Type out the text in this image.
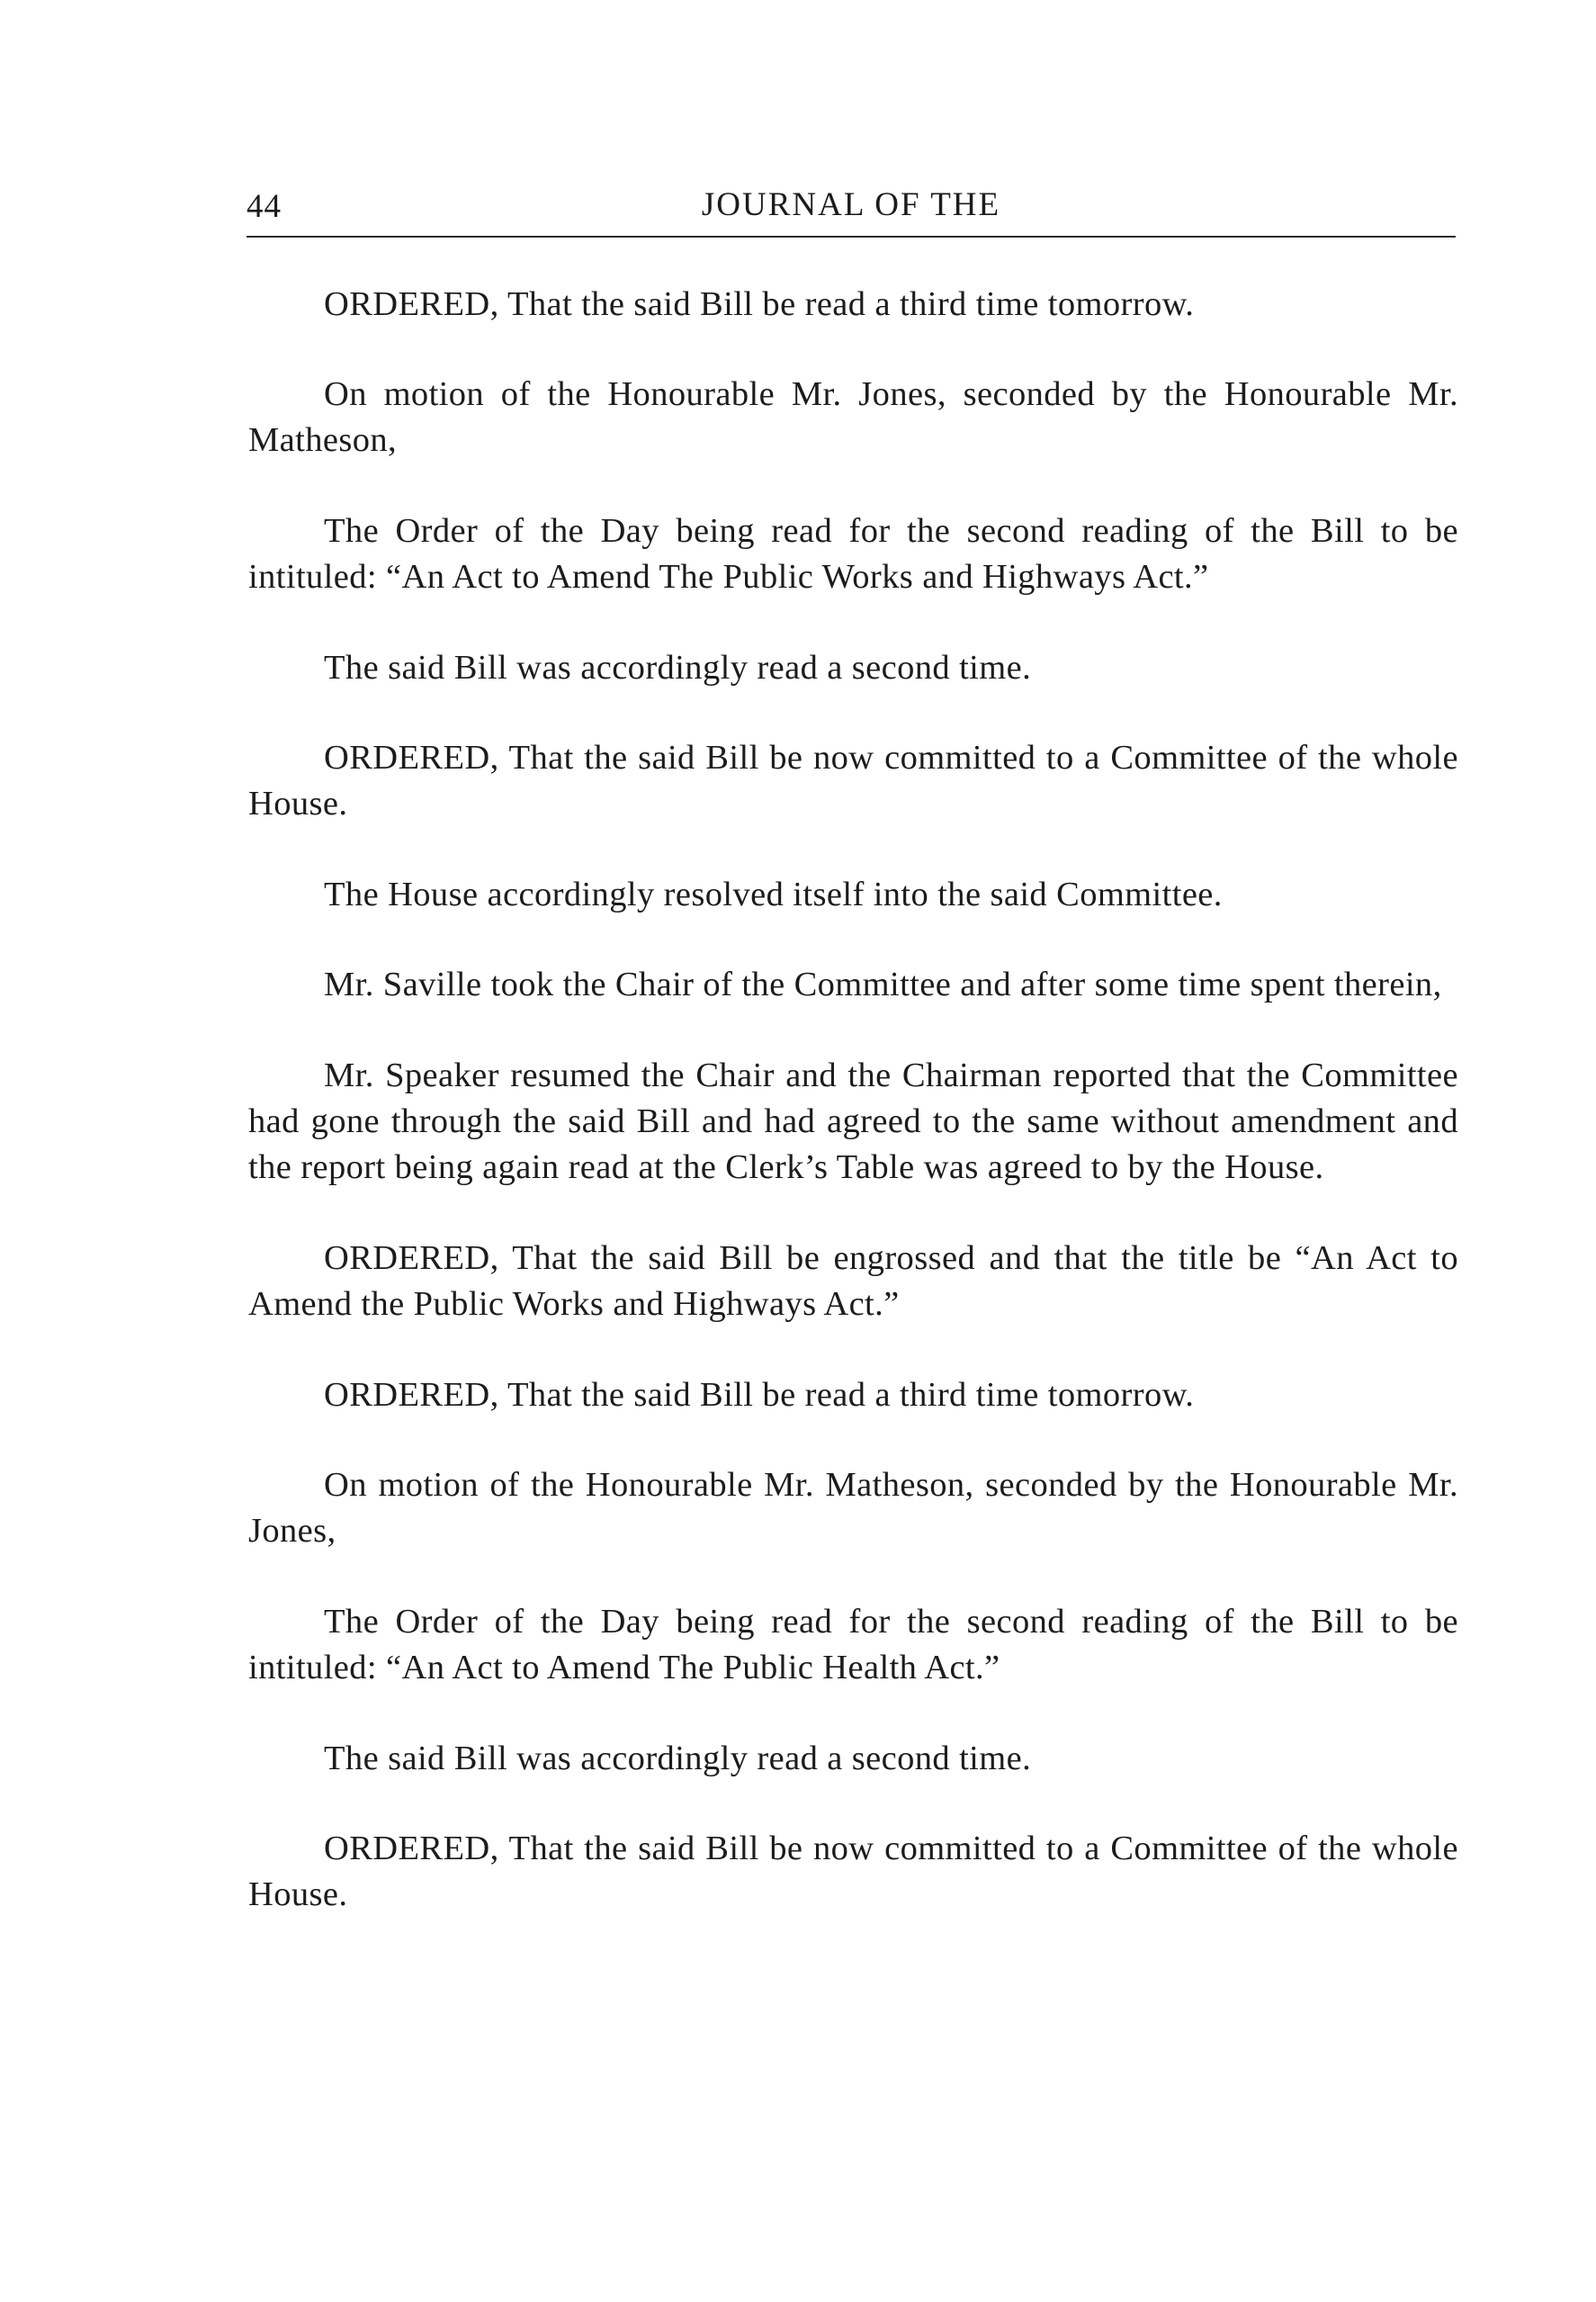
44	JOURNAL OF THE

ORDERED, That the said Bill be read a third time tomorrow.

On motion of the Honourable Mr. Jones, seconded by the Honourable Mr. Matheson,

The Order of the Day being read for the second reading of the Bill to be intituled: “An Act to Amend The Public Works and Highways Act.”

The said Bill was accordingly read a second time.

ORDERED, That the said Bill be now committed to a Committee of the whole House.

The House accordingly resolved itself into the said Committee.

Mr. Saville took the Chair of the Committee and after some time spent therein,

Mr. Speaker resumed the Chair and the Chairman reported that the Committee had gone through the said Bill and had agreed to the same without amendment and the report being again read at the Clerk’s Table was agreed to by the House.

ORDERED, That the said Bill be engrossed and that the title be “An Act to Amend the Public Works and Highways Act.”

ORDERED, That the said Bill be read a third time tomorrow.

On motion of the Honourable Mr. Matheson, seconded by the Honourable Mr. Jones,

The Order of the Day being read for the second reading of the Bill to be intituled: “An Act to Amend The Public Health Act.”

The said Bill was accordingly read a second time.

ORDERED, That the said Bill be now committed to a Committee of the whole House.
